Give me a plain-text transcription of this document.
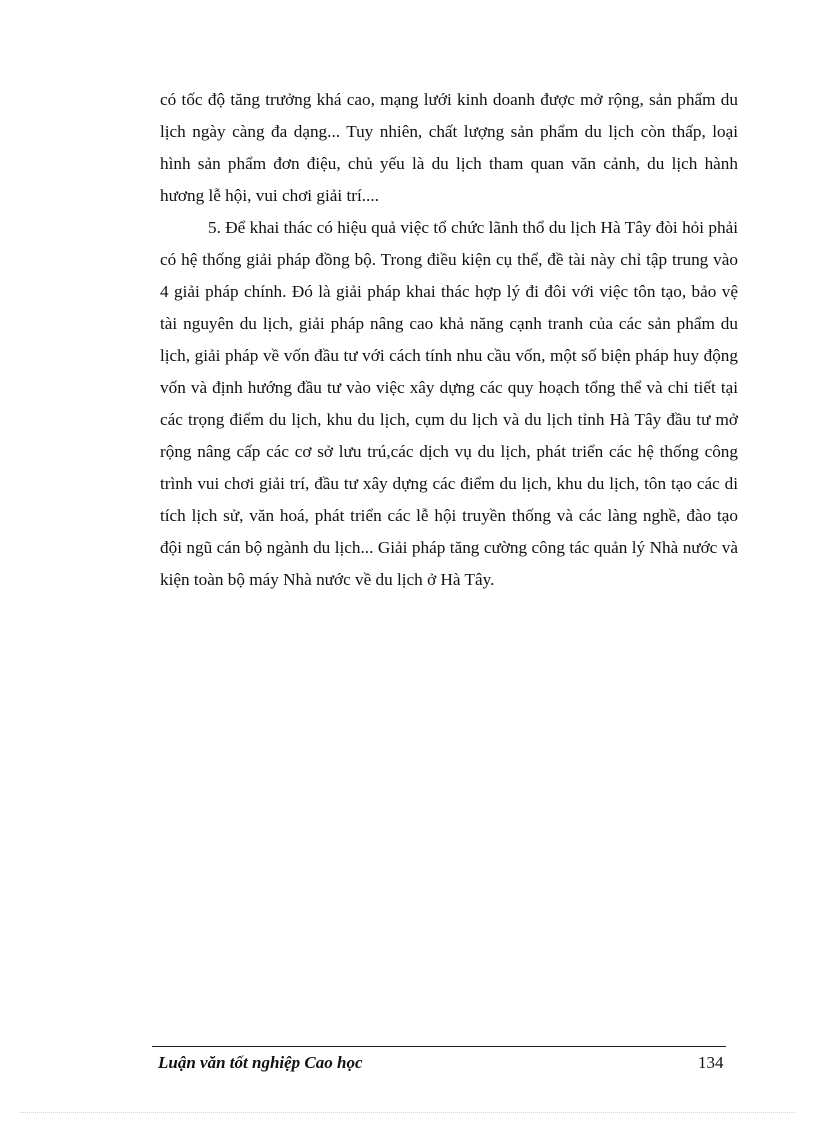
có tốc độ tăng trưởng khá cao, mạng lưới kinh doanh được mở rộng, sản phẩm du lịch ngày càng đa dạng... Tuy nhiên, chất lượng sản phẩm du lịch còn thấp, loại hình sản phẩm đơn điệu, chủ yếu là du lịch tham quan văn cảnh, du lịch hành hương lễ hội, vui chơi giải trí....

5. Để khai thác có hiệu quả việc tổ chức lãnh thổ du lịch Hà Tây đòi hỏi phải có hệ thống giải pháp đồng bộ. Trong điều kiện cụ thể, đề tài này chỉ tập trung vào 4 giải pháp chính. Đó là giải pháp khai thác hợp lý đi đôi với việc tôn tạo, bảo vệ tài nguyên du lịch, giải pháp nâng cao khả năng cạnh tranh của các sản phẩm du lịch, giải pháp về vốn đầu tư với cách tính nhu cầu vốn, một số biện pháp huy động vốn và định hướng đầu tư vào việc xây dựng các quy hoạch tổng thể và chi tiết tại các trọng điểm du lịch, khu du lịch, cụm du lịch và du lịch tỉnh Hà Tây đầu tư mở rộng nâng cấp các cơ sở lưu trú,các dịch vụ du lịch, phát triển các hệ thống công trình vui chơi giải trí, đầu tư xây dựng các điểm du lịch, khu du lịch, tôn tạo các di tích lịch sử, văn hoá, phát triển các lễ hội truyền thống và các làng nghề, đào tạo đội ngũ cán bộ ngành du lịch... Giải pháp tăng cường công tác quản lý Nhà nước và kiện toàn bộ máy Nhà nước về du lịch ở Hà Tây.

Luận văn tốt nghiệp Cao học	134
